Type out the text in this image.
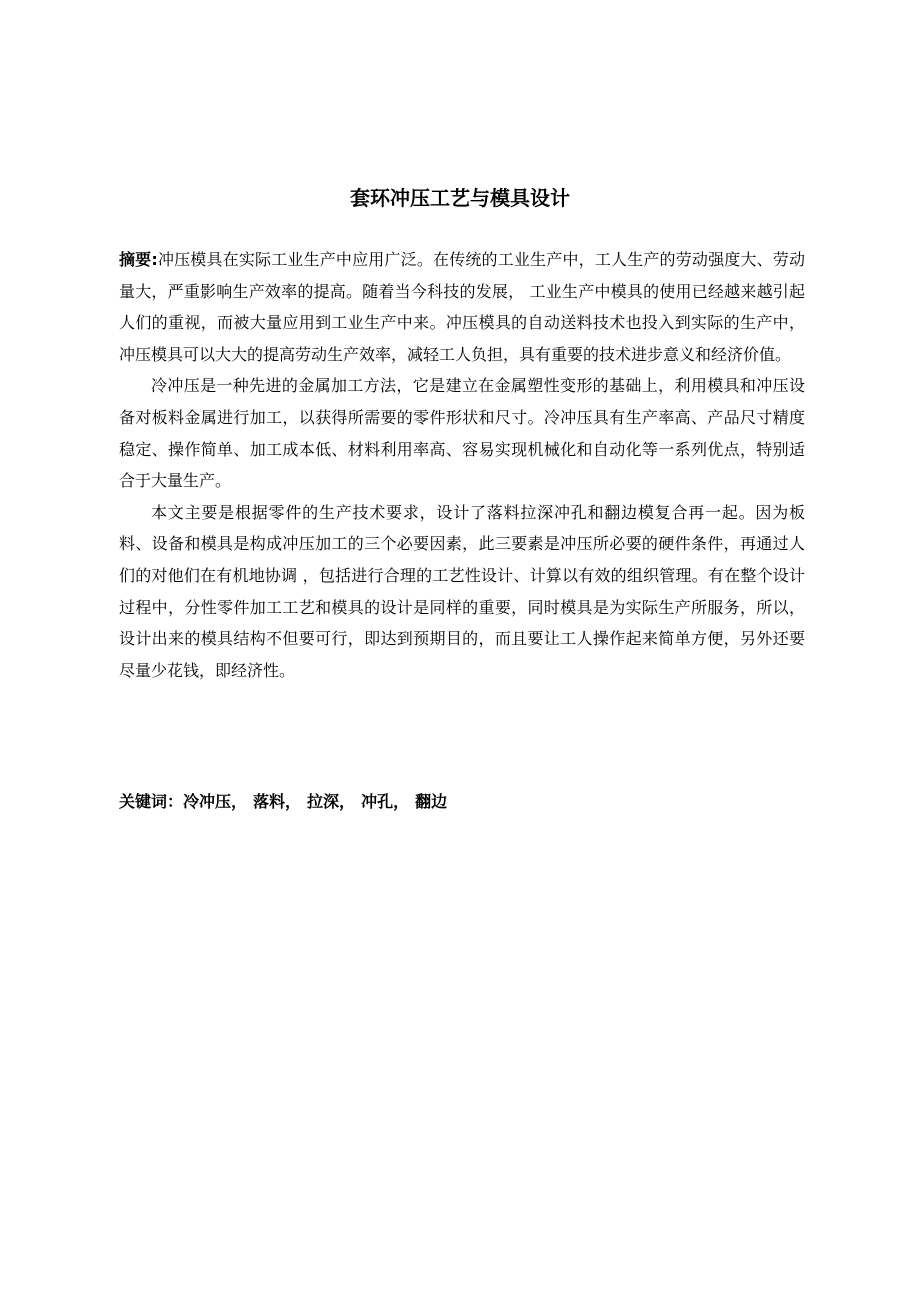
套环冲压工艺与模具设计

摘要:冲压模具在实际工业生产中应用广泛。在传统的工业生产中，工人生产的劳动强度大、劳动量大，严重影响生产效率的提高。随着当今科技的发展， 工业生产中模具的使用已经越来越引起人们的重视，而被大量应用到工业生产中来。冲压模具的自动送料技术也投入到实际的生产中，冲压模具可以大大的提高劳动生产效率，减轻工人负担，具有重要的技术进步意义和经济价值。

冷冲压是一种先进的金属加工方法，它是建立在金属塑性变形的基础上，利用模具和冲压设备对板料金属进行加工，以获得所需要的零件形状和尺寸。冷冲压具有生产率高、产品尺寸精度稳定、操作简单、加工成本低、材料利用率高、容易实现机械化和自动化等一系列优点，特别适合于大量生产。

本文主要是根据零件的生产技术要求，设计了落料拉深冲孔和翻边模复合再一起。因为板料、设备和模具是构成冲压加工的三个必要因素，此三要素是冲压所必要的硬件条件，再通过人们的对他们在有机地协调 ，包括进行合理的工艺性设计、计算以有效的组织管理。有在整个设计过程中，分性零件加工工艺和模具的设计是同样的重要，同时模具是为实际生产所服务，所以，设计出来的模具结构不但要可行，即达到预期目的，而且要让工人操作起来简单方便，另外还要尽量少花钱，即经济性。

关键词：冷冲压， 落料， 拉深， 冲孔， 翻边
